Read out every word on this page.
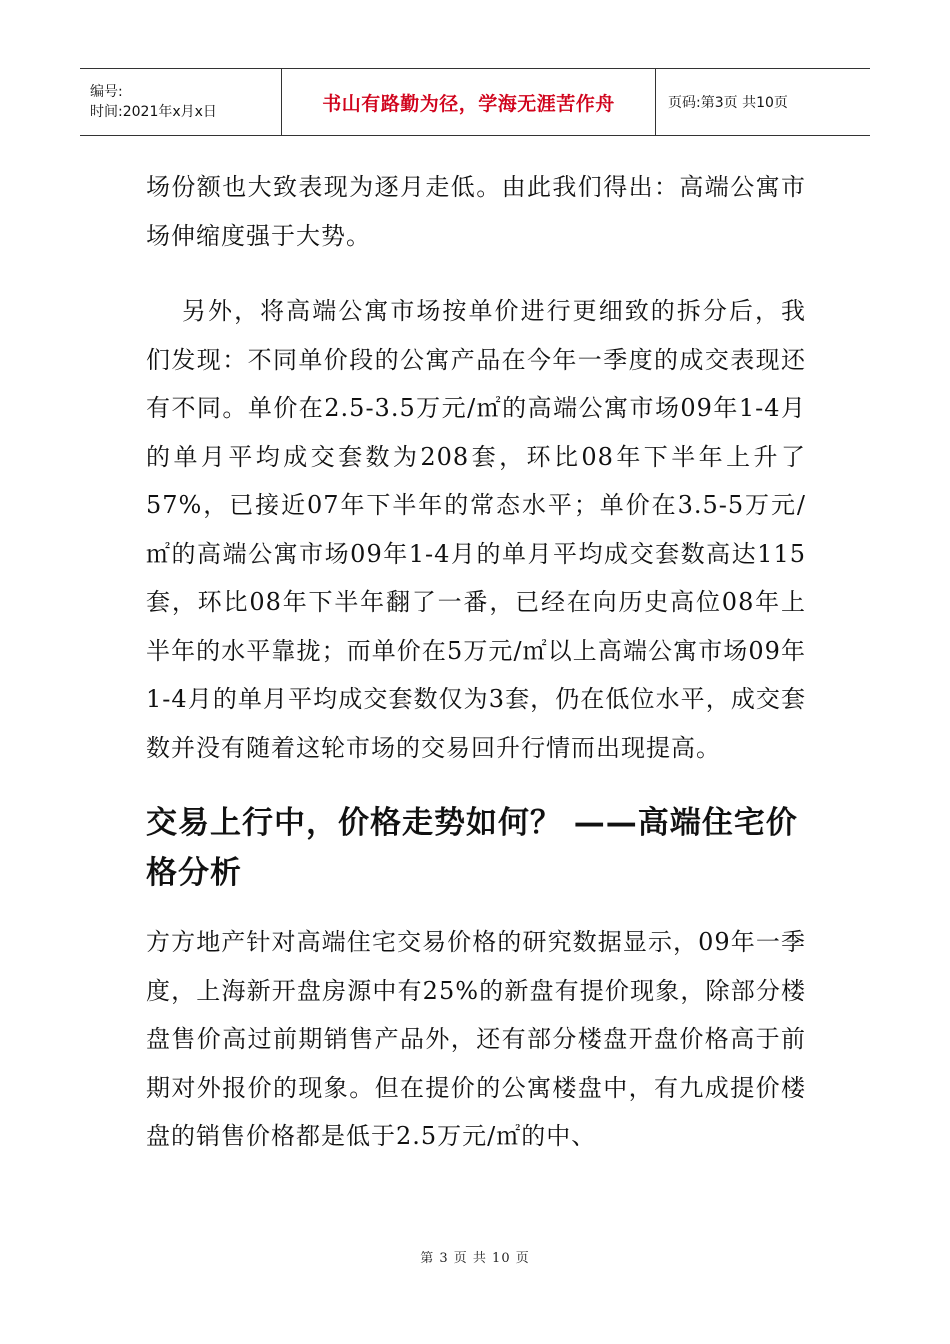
编号:
时间:2021年x月x日	书山有路勤为径，学海无涯苦作舟	页码:第3页 共10页

场份额也大致表现为逐月走低。由此我们得出：高端公寓市场伸缩度强于大势。

另外，将高端公寓市场按单价进行更细致的拆分后，我们发现：不同单价段的公寓产品在今年一季度的成交表现还有不同。单价在2.5-3.5万元/㎡的高端公寓市场09年1-4月的单月平均成交套数为208套，环比08年下半年上升了57%，已接近07年下半年的常态水平；单价在3.5-5万元/㎡的高端公寓市场09年1-4月的单月平均成交套数高达115套，环比08年下半年翻了一番，已经在向历史高位08年上半年的水平靠拢；而单价在5万元/㎡以上高端公寓市场09年1-4月的单月平均成交套数仅为3套，仍在低位水平，成交套数并没有随着这轮市场的交易回升行情而出现提高。

交易上行中，价格走势如何？ ——高端住宅价格分析

方方地产针对高端住宅交易价格的研究数据显示，09年一季度，上海新开盘房源中有25%的新盘有提价现象，除部分楼盘售价高过前期销售产品外，还有部分楼盘开盘价格高于前期对外报价的现象。但在提价的公寓楼盘中，有九成提价楼盘的销售价格都是低于2.5万元/㎡的中、

第 3 页 共 10 页
